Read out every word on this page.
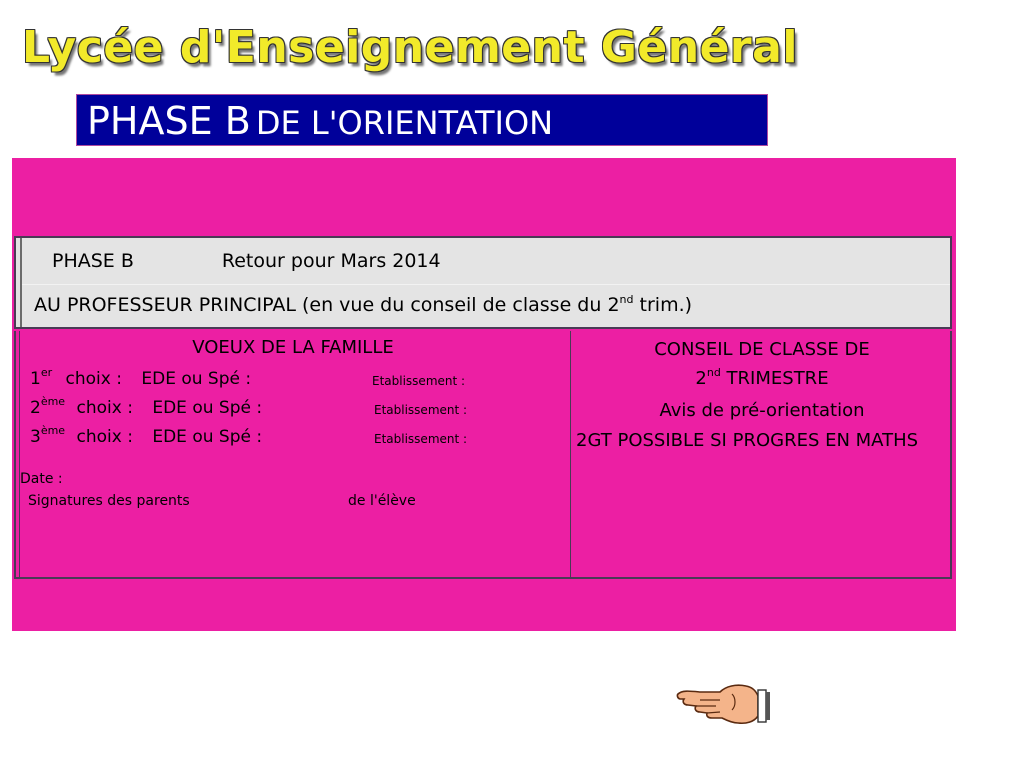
Lycée d'Enseignement Général
PHASE B DE L'ORIENTATION
PHASE B	Retour pour Mars 2014
AU PROFESSEUR PRINCIPAL (en vue du conseil de classe du 2nd trim.)
VOEUX DE LA FAMILLE
1er choix : EDE ou Spé :	Etablissement :
2ème choix : EDE ou Spé :	Etablissement :
3ème choix : EDE ou Spé :	Etablissement :
Date :
Signatures des parents	de l'élève
CONSEIL DE CLASSE DE
2nd TRIMESTRE
Avis de pré-orientation
2GT POSSIBLE SI PROGRES EN MATHS
